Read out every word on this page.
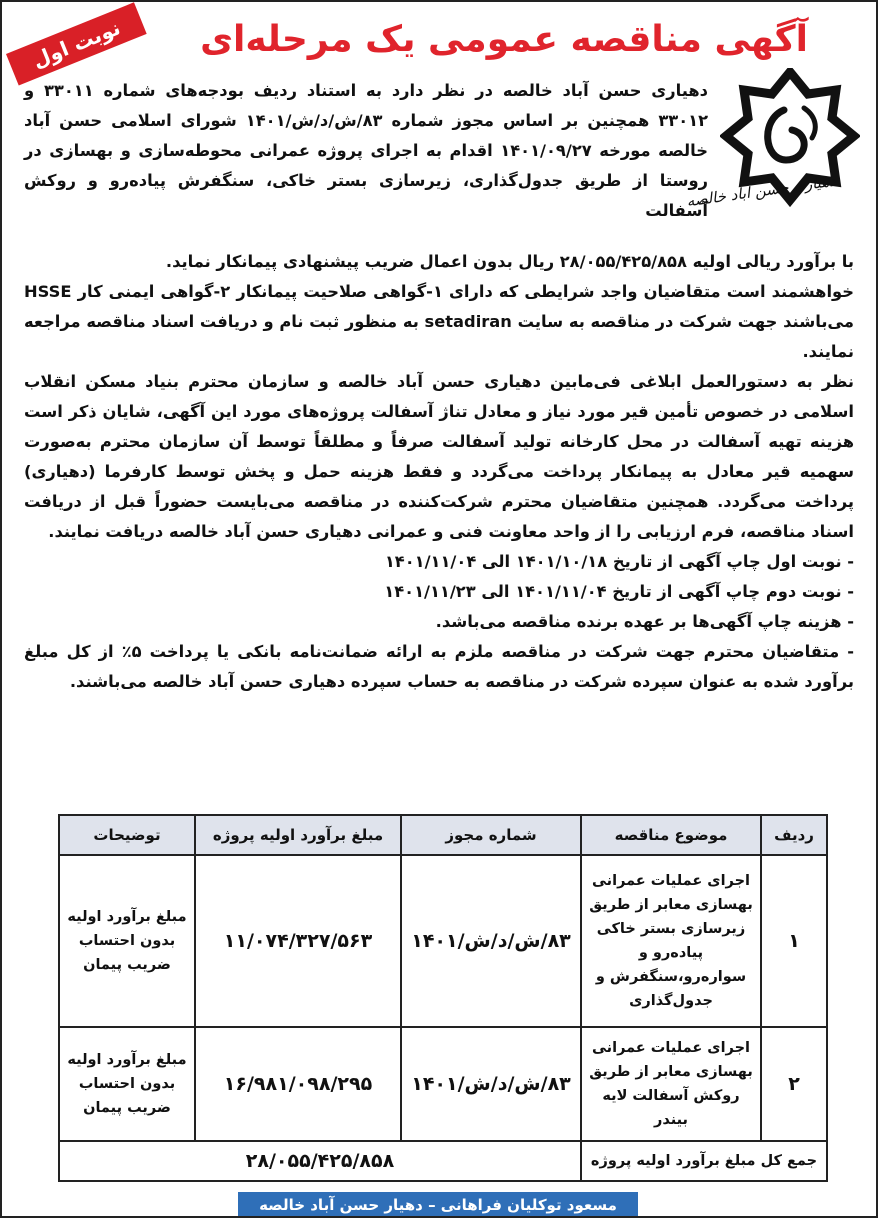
نوبت اول	آگهی مناقصه عمومی یک مرحله‌ای
دهیاری حسن آباد خالصه
دهیاری حسن آباد خالصه در نظر دارد به استناد ردیف بودجه‌های شماره ۳۳۰۱۱ و ۳۳۰۱۲ همچنین بر اساس مجوز شماره ۸۳/ش/د/ش/۱۴۰۱ شورای اسلامی حسن آباد خالصه مورخه ۱۴۰۱/۰۹/۲۷ اقدام به اجرای پروژه عمرانی محوطه‌سازی و بهسازی در روستا از طریق جدول‌گذاری، زیرسازی بستر خاکی، سنگفرش پیاده‌رو و روکش آسفالت

با برآورد ریالی اولیه ۲۸/۰۵۵/۴۲۵/۸۵۸ ریال بدون اعمال ضریب پیشنهادی پیمانکار نماید.

خواهشمند است متقاضیان واجد شرایطی که دارای ۱-گواهی صلاحیت پیمانکار ۲-گواهی ایمنی کار HSSE می‌باشند جهت شرکت در مناقصه به سایت setadiran به منظور ثبت نام و دریافت اسناد مناقصه مراجعه نمایند.

نظر به دستورالعمل ابلاغی فی‌مابین دهیاری حسن آباد خالصه و سازمان محترم بنیاد مسکن انقلاب اسلامی در خصوص تأمین قیر مورد نیاز و معادل تناژ آسفالت پروژه‌های مورد این آگهی، شایان ذکر است هزینه تهیه آسفالت در محل کارخانه تولید آسفالت صرفاً و مطلقاً توسط آن سازمان محترم به‌صورت سهمیه قیر معادل به پیمانکار پرداخت می‌گردد و فقط هزینه حمل و پخش توسط کارفرما (دهیاری) پرداخت می‌گردد. همچنین متقاضیان محترم شرکت‌کننده در مناقصه می‌بایست حضوراً قبل از دریافت اسناد مناقصه، فرم ارزیابی را از واحد معاونت فنی و عمرانی دهیاری حسن آباد خالصه دریافت نمایند.

- نوبت اول چاپ آگهی از تاریخ ۱۴۰۱/۱۰/۱۸ الی ۱۴۰۱/۱۱/۰۴

- نوبت دوم چاپ آگهی از تاریخ ۱۴۰۱/۱۱/۰۴ الی ۱۴۰۱/۱۱/۲۳

- هزینه چاپ آگهی‌ها بر عهده برنده مناقصه می‌باشد.

- متقاضیان محترم جهت شرکت در مناقصه ملزم به ارائه ضمانت‌نامه بانکی یا پرداخت ۵٪ از کل مبلغ برآورد شده به عنوان سپرده شرکت در مناقصه به حساب سپرده دهیاری حسن آباد خالصه می‌باشند.

ردیف	موضوع مناقصه	شماره مجوز	مبلغ برآورد اولیه پروژه	توضیحات
۱	اجرای عملیات عمرانی بهسازی معابر از طریق زیرسازی بستر خاکی پیاده‌رو و سواره‌رو،سنگفرش و جدول‌گذاری	۸۳/ش/د/ش/۱۴۰۱	۱۱/۰۷۴/۳۲۷/۵۶۳	مبلغ برآورد اولیه بدون احتساب ضریب پیمان
۲	اجرای عملیات عمرانی بهسازی معابر از طریق روکش آسفالت لایه بیندر	۸۳/ش/د/ش/۱۴۰۱	۱۶/۹۸۱/۰۹۸/۲۹۵	مبلغ برآورد اولیه بدون احتساب ضریب پیمان
جمع کل مبلغ برآورد اولیه پروژه		۲۸/۰۵۵/۴۲۵/۸۵۸		
مسعود توکلیان فراهانی – دهیار حسن آباد خالصه
